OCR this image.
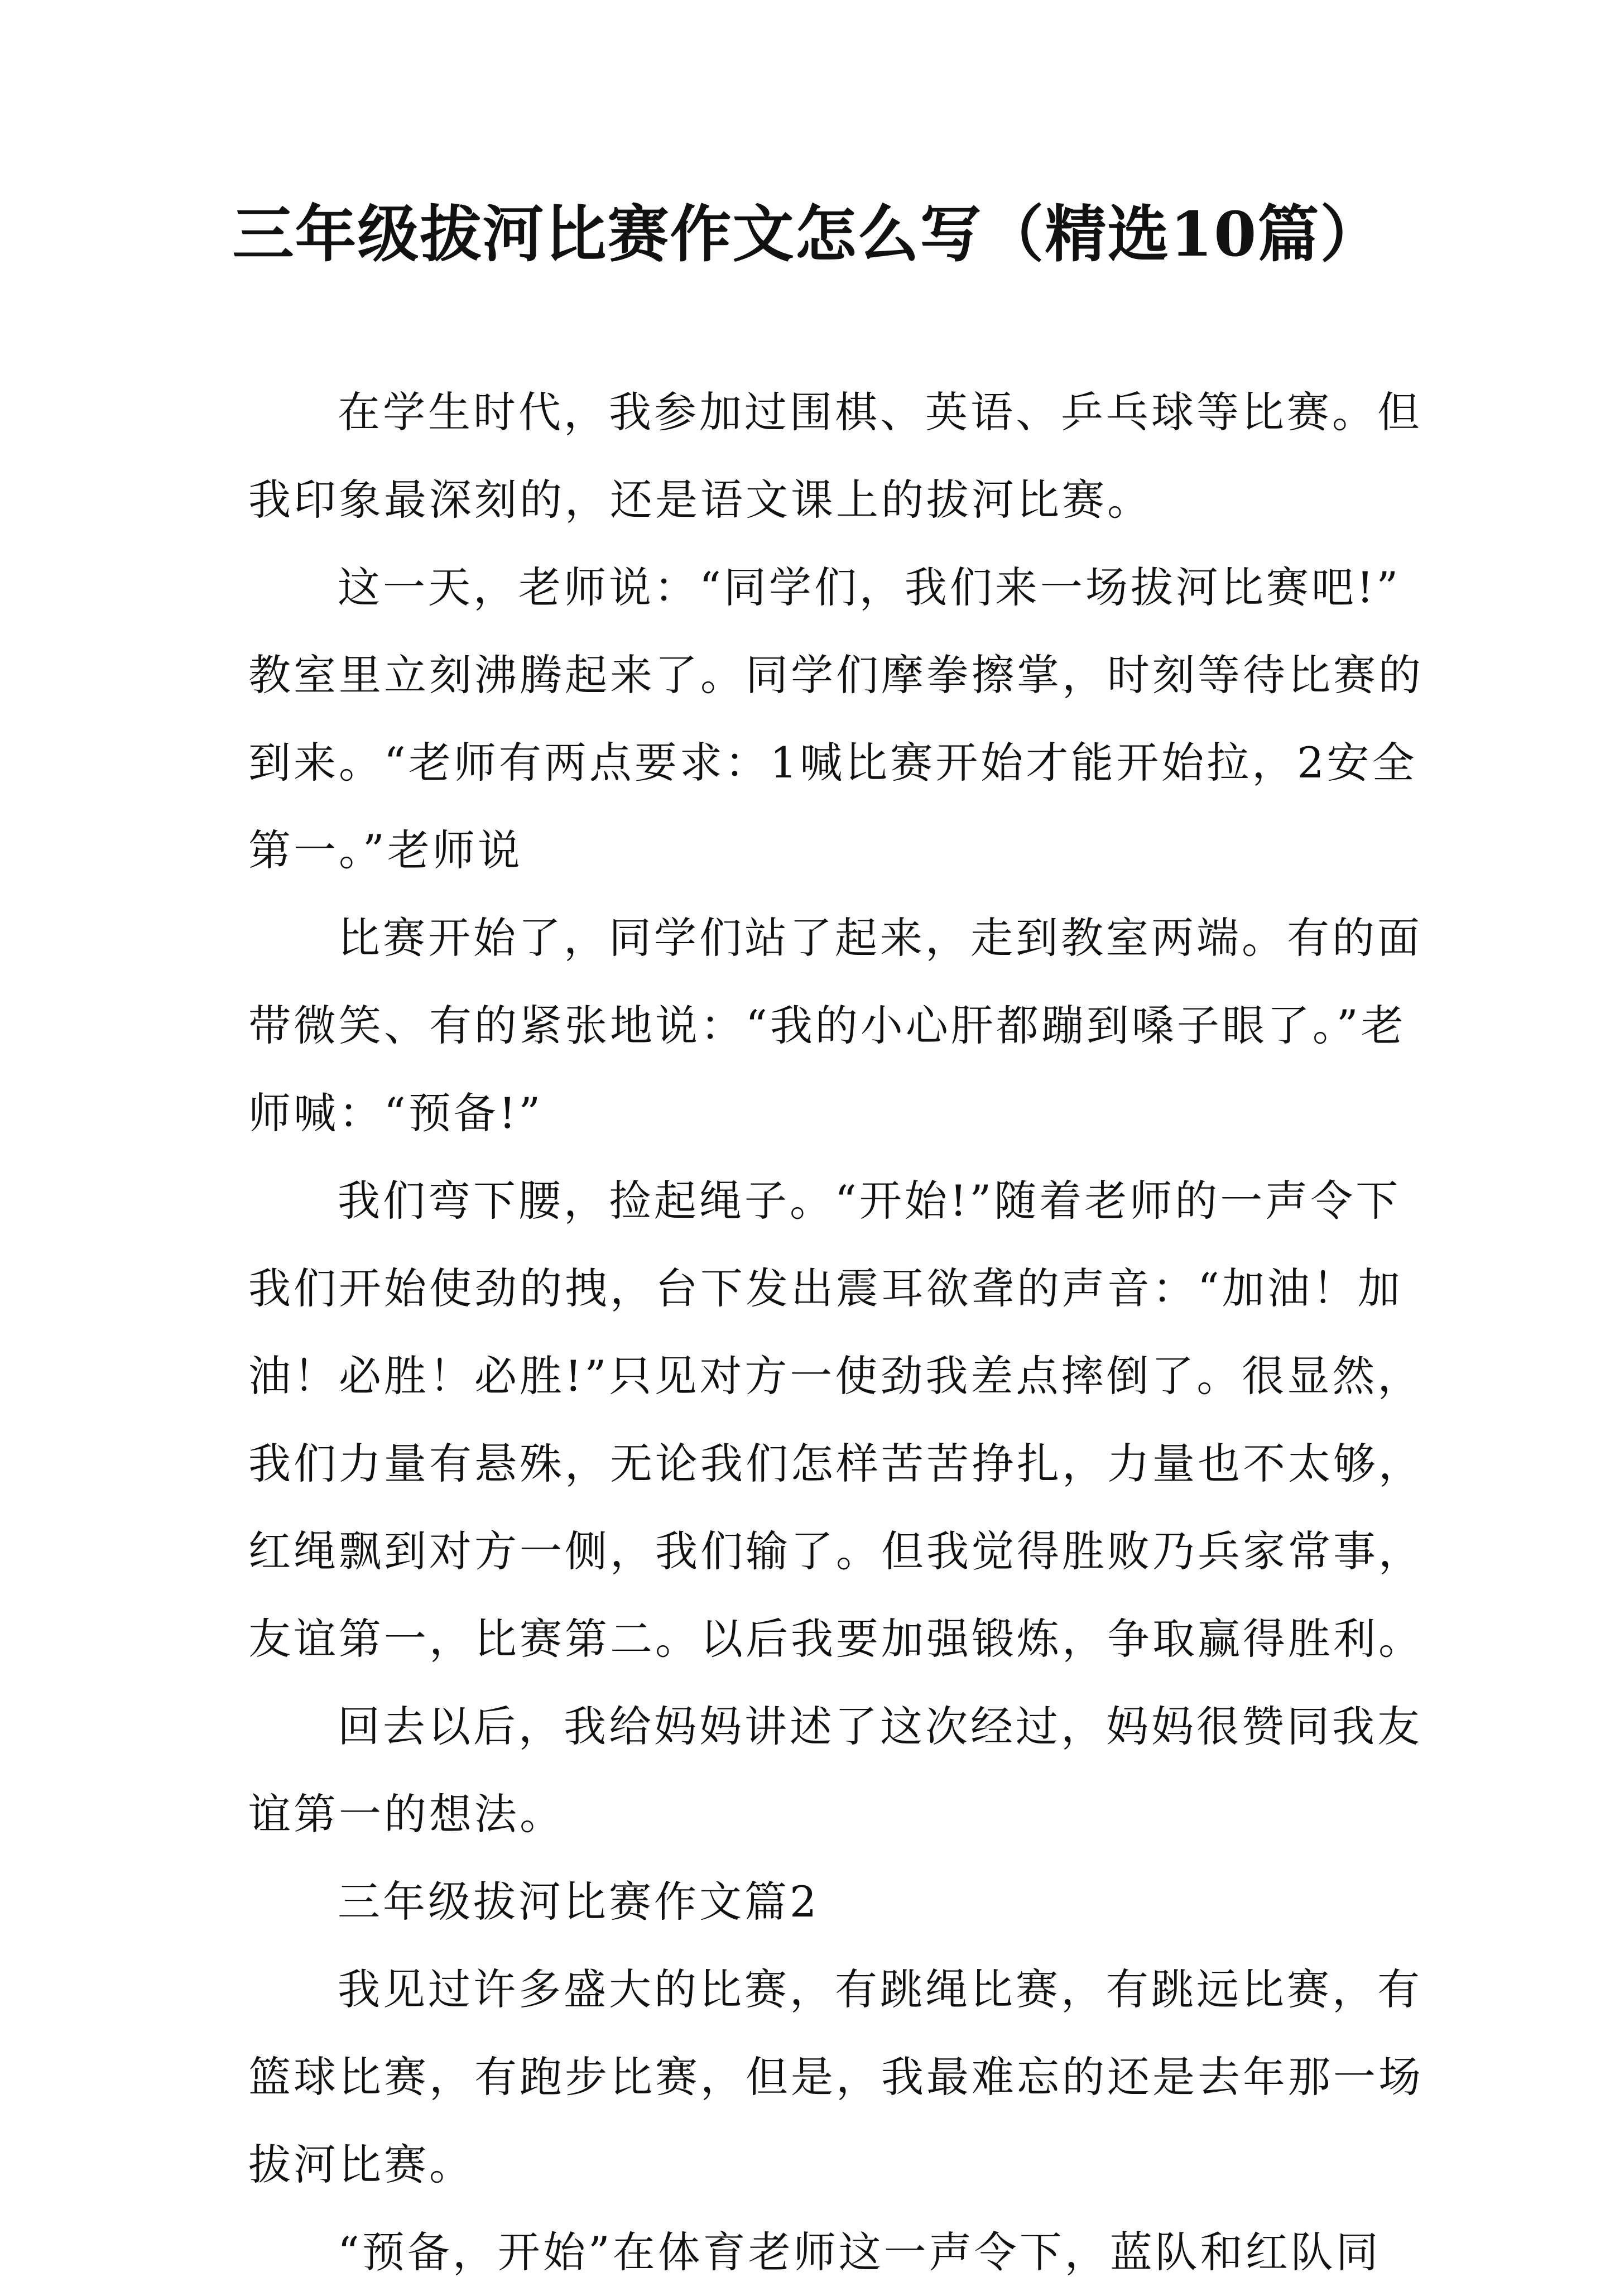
三年级拔河比赛作文怎么写（精选10篇）
在学生时代，我参加过围棋、英语、乒乓球等比赛。但
我印象最深刻的，还是语文课上的拔河比赛。
这一天，老师说：“同学们，我们来一场拔河比赛吧!”
教室里立刻沸腾起来了。同学们摩拳擦掌，时刻等待比赛的
到来。“老师有两点要求：1喊比赛开始才能开始拉，2安全
第一。”老师说
比赛开始了，同学们站了起来，走到教室两端。有的面
带微笑、有的紧张地说：“我的小心肝都蹦到嗓子眼了。”老
师喊：“预备!”
我们弯下腰，捡起绳子。“开始!”随着老师的一声令下
我们开始使劲的拽，台下发出震耳欲聋的声音：“加油！加
油！必胜！必胜!”只见对方一使劲我差点摔倒了。很显然，
我们力量有悬殊，无论我们怎样苦苦挣扎，力量也不太够，
红绳飘到对方一侧，我们输了。但我觉得胜败乃兵家常事，
友谊第一，比赛第二。以后我要加强锻炼，争取赢得胜利。
回去以后，我给妈妈讲述了这次经过，妈妈很赞同我友
谊第一的想法。
三年级拔河比赛作文篇2
我见过许多盛大的比赛，有跳绳比赛，有跳远比赛，有
篮球比赛，有跑步比赛，但是，我最难忘的还是去年那一场
拔河比赛。
“预备，开始”在体育老师这一声令下，蓝队和红队同
